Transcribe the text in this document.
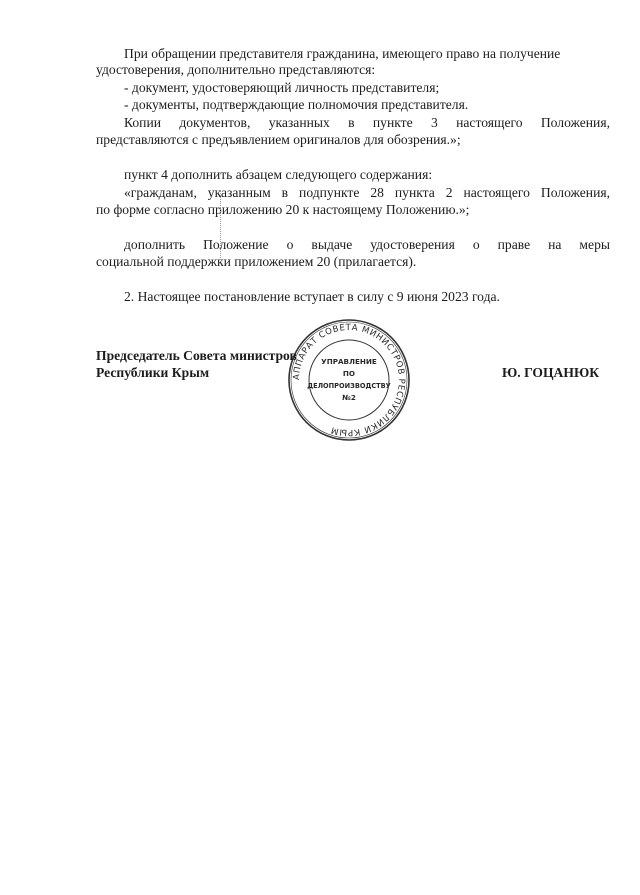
При обращении представителя гражданина, имеющего право на получение
удостоверения, дополнительно представляются:
- документ, удостоверяющий личность представителя;
- документы, подтверждающие полномочия представителя.
Копии документов, указанных в пункте 3 настоящего Положения,
представляются с предъявлением оригиналов для обозрения.»;
пункт 4 дополнить абзацем следующего содержания:
«гражданам, указанным в подпункте 28 пункта 2 настоящего Положения,
по форме согласно приложению 20 к настоящему Положению.»;
дополнить Положение о выдаче удостоверения о праве на меры
социальной поддержки приложением 20 (прилагается).
2. Настоящее постановление вступает в силу с 9 июня 2023 года.
АППАРАТ СОВЕТА МИНИСТРОВ РЕСПУБЛИКИ КРЫМ
УПРАВЛЕНИЕ
ПО
ДЕЛОПРОИЗВОДСТВУ
№2
Председатель Совета министров
Республики Крым	Ю. ГОЦАНЮК
